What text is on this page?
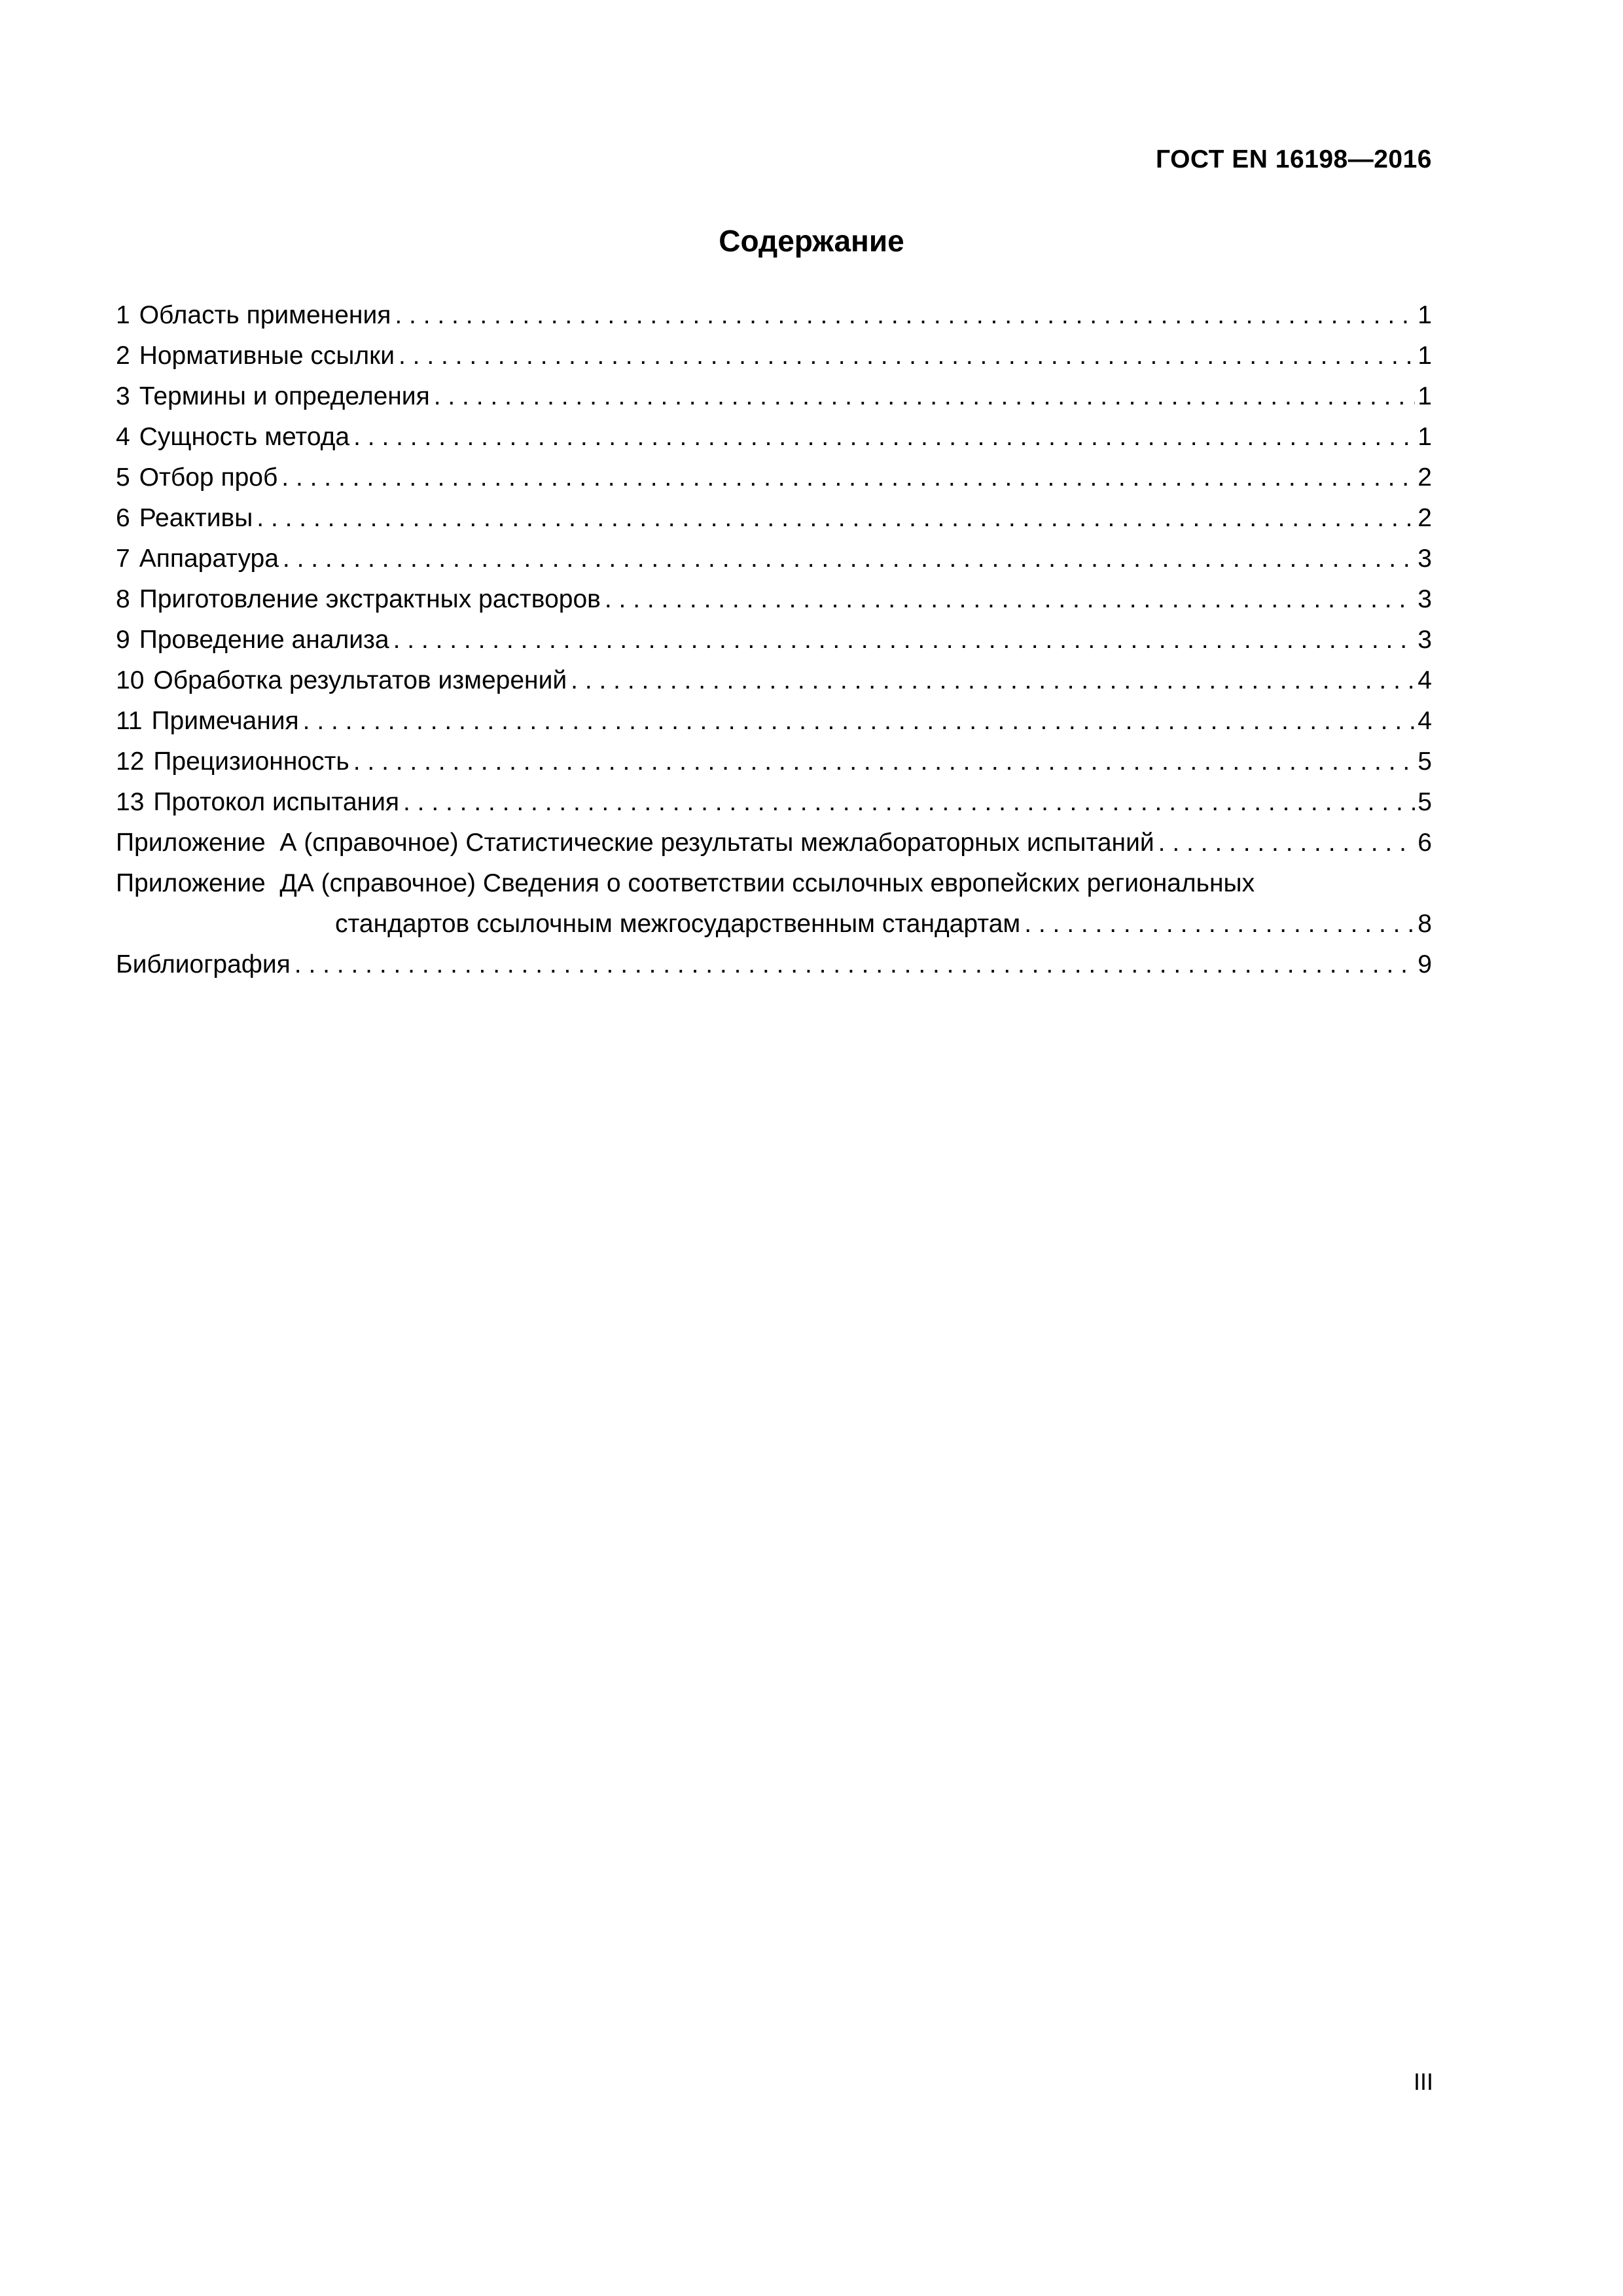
ГОСТ EN 16198—2016
Содержание
1 Область применения . . .	1
2 Нормативные ссылки . . .	1
3 Термины и определения . . .	1
4 Сущность метода . . .	1
5 Отбор проб . . .	2
6 Реактивы . . .	2
7 Аппаратура . . .	3
8 Приготовление экстрактных растворов . . .	3
9 Проведение анализа . . .	3
10 Обработка результатов измерений . . .	4
11 Примечания . . .	4
12 Прецизионность . . .	5
13 Протокол испытания . . .	5
Приложение  А (справочное) Статистические результаты межлабораторных испытаний . . .	6
Приложение  ДА (справочное) Сведения о соответствии ссылочных европейских региональных
стандартов ссылочным межгосударственным стандартам . . .	8
Библиография . . .	9
III
